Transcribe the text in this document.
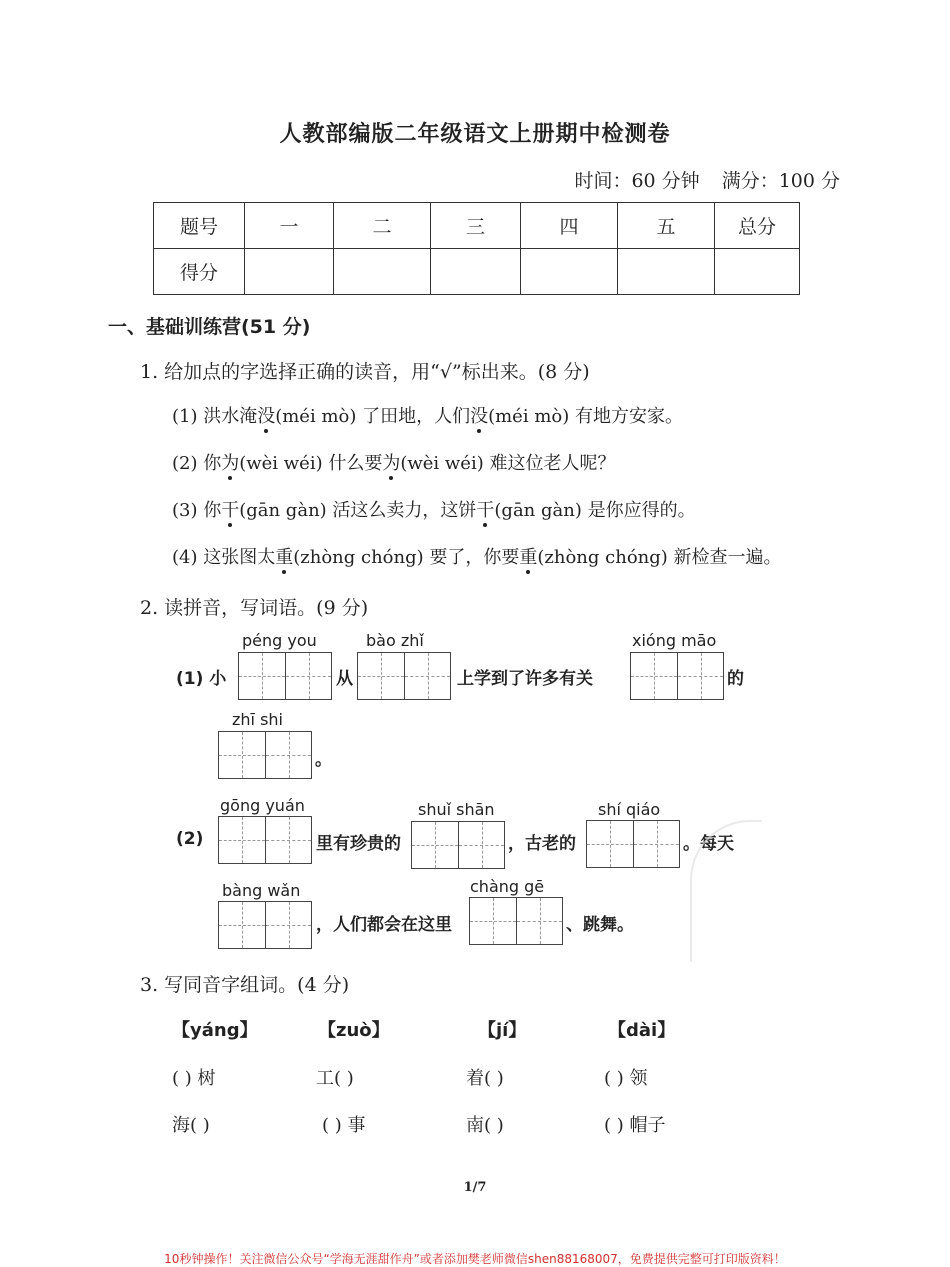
人教部编版二年级语文上册期中检测卷
时间：60 分钟 满分：100 分
题号	一	二	三	四	五	总分
得分						
一、基础训练营(51 分)
1. 给加点的字选择正确的读音，用“√”标出来。(8 分)
(1) 洪水淹没(méi mò) 了田地，人们没(méi mò) 有地方安家。
(2) 你为(wèi wéi) 什么要为(wèi wéi) 难这位老人呢？
(3) 你干(gān gàn) 活这么卖力，这饼干(gān gàn) 是你应得的。
(4) 这张图太重(zhòng chóng) 要了，你要重(zhòng chóng) 新检查一遍。
2. 读拼音，写词语。(9 分)
(1) 小
péng you
从
bào zhǐ
上学到了许多有关
xióng māo
的
zhī shi
。
(2)
gōng yuán
里有珍贵的
shuǐ shān
，古老的
shí qiáo
。每天
bàng wǎn
，人们都会在这里
chàng gē
、跳舞。
3. 写同音字组词。(4 分)
【yáng】	【zuò】	【jí】	【dài】
( ) 树	工( )	着( )	( ) 领
海( )	( ) 事	南( )	( ) 帽子
1/7
10秒钟操作！关注微信公众号“学海无涯甜作舟”或者添加樊老师微信shen88168007，免费提供完整可打印版资料！
